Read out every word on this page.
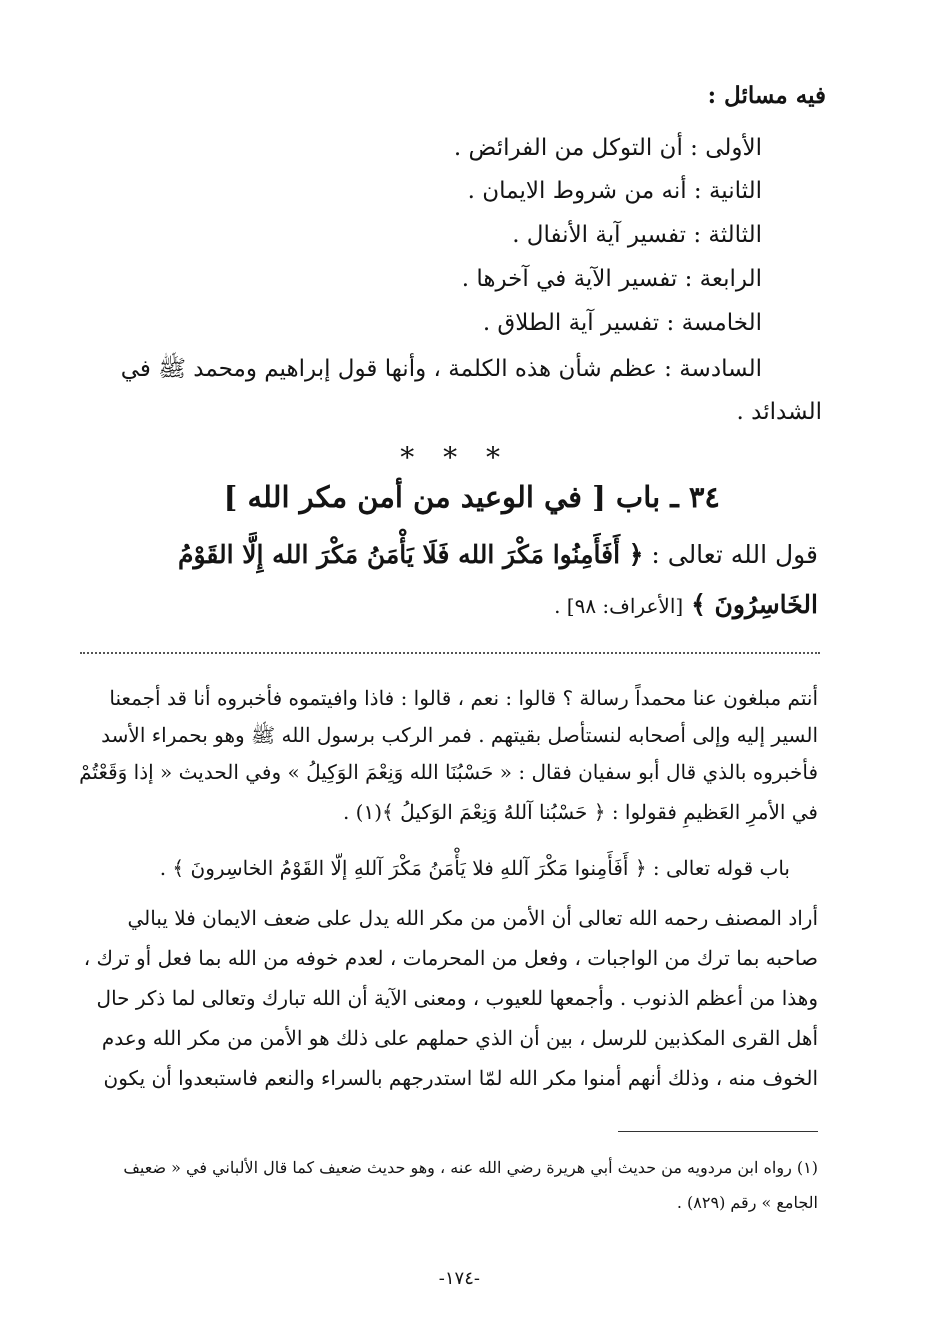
فيه مسائل :
الأولى : أن التوكل من الفرائض .
الثانية : أنه من شروط الايمان .
الثالثة : تفسير آية الأنفال .
الرابعة : تفسير الآية في آخرها .
الخامسة : تفسير آية الطلاق .
السادسة : عظم شأن هذه الكلمة ، وأنها قول إبراهيم ومحمد ﷺ في
الشدائد .
* * *
٣٤ ـ باب [ في الوعيد من أمن مكر الله ]
قول الله تعالى : ﴿ أَفَأَمِنُوا مَكْرَ الله فَلَا يَأْمَنُ مَكْرَ الله إِلَّا القَوْمُ
الخَاسِرُونَ ﴾ [الأعراف: ٩٨] .
أنتم مبلغون عنا محمداً رسالة ؟ قالوا : نعم ، قالوا : فاذا وافيتموه فأخبروه أنا قد أجمعنا
السير إليه وإلى أصحابه لنستأصل بقيتهم . فمر الركب برسول الله ﷺ وهو بحمراء الأسد
فأخبروه بالذي قال أبو سفيان فقال : « حَسْبُنَا الله وَنِعْمَ الوَكِيلُ » وفي الحديث « إذا وَقَعْتُمْ
في الأمرِ العَظيمِ فقولوا : ﴿ حَسْبُنا آللهُ وَنِعْمَ الوَكيلُ ﴾(١) .
باب قوله تعالى : ﴿ أَفَأَمِنوا مَكْرَ آللهِ فلا يَأْمَنُ مَكْرَ آللهِ إلّا القَوْمُ الخاسِرونَ ﴾ .
أراد المصنف رحمه الله تعالى أن الأمن من مكر الله يدل على ضعف الايمان فلا يبالي
صاحبه بما ترك من الواجبات ، وفعل من المحرمات ، لعدم خوفه من الله بما فعل أو ترك ،
وهذا من أعظم الذنوب . وأجمعها للعيوب ، ومعنى الآية أن الله تبارك وتعالى لما ذكر حال
أهل القرى المكذبين للرسل ، بين أن الذي حملهم على ذلك هو الأمن من مكر الله وعدم
الخوف منه ، وذلك أنهم أمنوا مكر الله لمّا استدرجهم بالسراء والنعم فاستبعدوا أن يكون
(١) رواه ابن مردويه من حديث أبي هريرة رضي الله عنه ، وهو حديث ضعيف كما قال الألباني في « ضعيف
الجامع » رقم (٨٢٩) .
-١٧٤-
